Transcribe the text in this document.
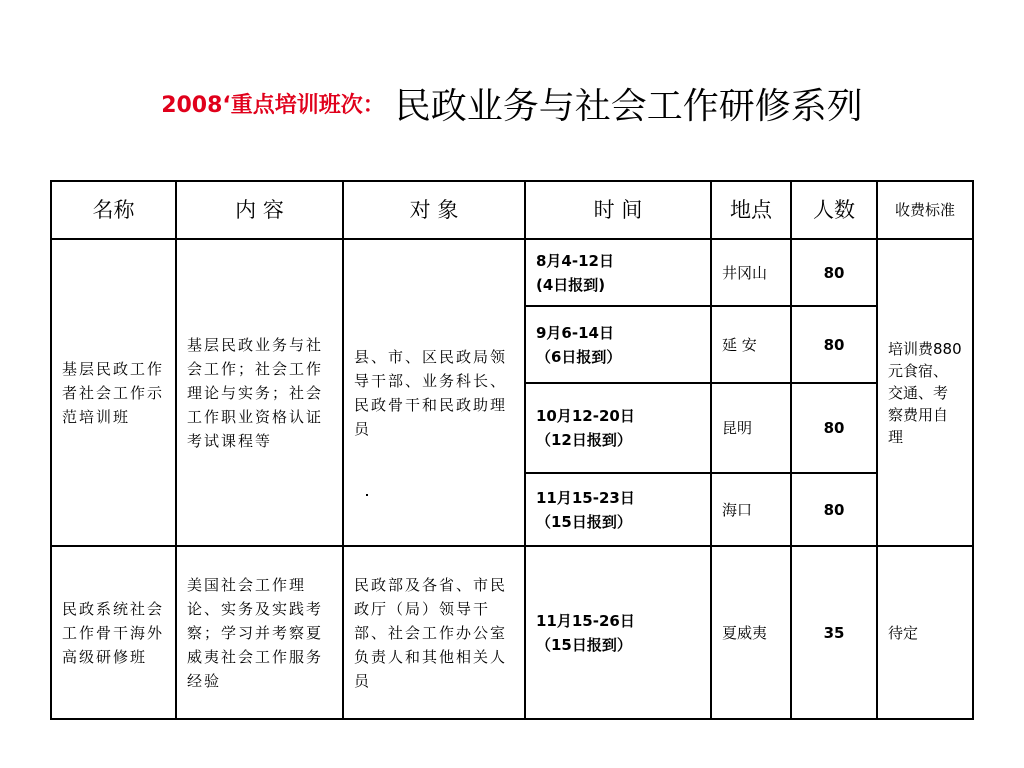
2008‘重点培训班次： 民政业务与社会工作研修系列
名称	内 容	对 象	时 间	地点	人数	收费标准
基层民政工作者社会工作示范培训班	基层民政业务与社会工作；社会工作理论与实务；社会工作职业资格认证考试课程等	县、市、区民政局领导干部、业务科长、民政骨干和民政助理员	8月4-12日
(4日报到)	井冈山	80	培训费880元食宿、交通、考察费用自理

			9月6-14日
（6日报到）	延 安	80	

			10月12-20日
（12日报到）	昆明	80	

			11月15-23日
（15日报到）	海口	80	
民政系统社会工作骨干海外高级研修班	美国社会工作理论、实务及实践考察；学习并考察夏威夷社会工作服务经验	民政部及各省、市民政厅（局）领导干部、社会工作办公室负责人和其他相关人员	11月15-26日
（15日报到）	夏威夷	35	待定
